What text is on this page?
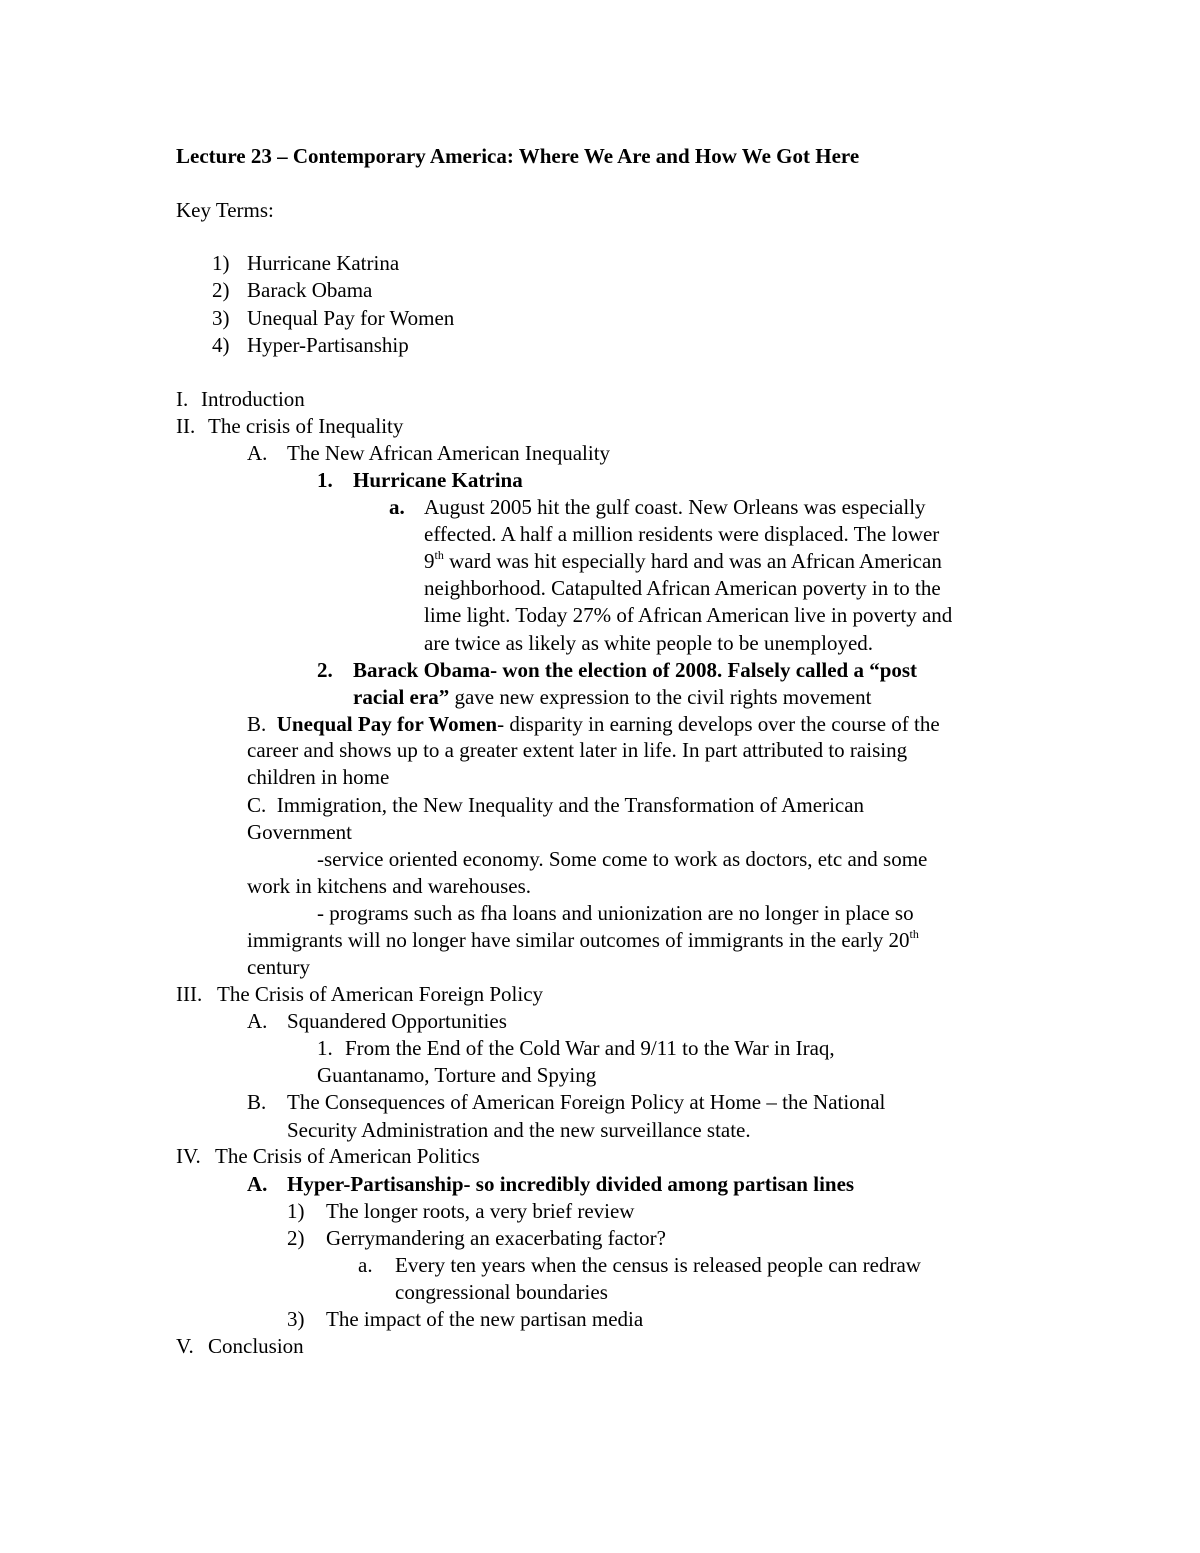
Lecture 23 – Contemporary America: Where We Are and How We Got Here
Key Terms:
1) Hurricane Katrina
2) Barack Obama
3) Unequal Pay for Women
4) Hyper-Partisanship
I. Introduction
II. The crisis of Inequality
A. The New African American Inequality
1. Hurricane Katrina
a. August 2005 hit the gulf coast. New Orleans was especially
effected. A half a million residents were displaced. The lower
9th ward was hit especially hard and was an African American
neighborhood. Catapulted African American poverty in to the
lime light. Today 27% of African American live in poverty and
are twice as likely as white people to be unemployed.
2. Barack Obama- won the election of 2008. Falsely called a “post
racial era” gave new expression to the civil rights movement
B. Unequal Pay for Women- disparity in earning develops over the course of the
career and shows up to a greater extent later in life. In part attributed to raising
children in home
C. Immigration, the New Inequality and the Transformation of American
Government
-service oriented economy. Some come to work as doctors, etc and some
work in kitchens and warehouses.
- programs such as fha loans and unionization are no longer in place so
immigrants will no longer have similar outcomes of immigrants in the early 20th
century
III. The Crisis of American Foreign Policy
A. Squandered Opportunities
1. From the End of the Cold War and 9/11 to the War in Iraq,
Guantanamo, Torture and Spying
B. The Consequences of American Foreign Policy at Home – the National
Security Administration and the new surveillance state.
IV. The Crisis of American Politics
A. Hyper-Partisanship- so incredibly divided among partisan lines
1) The longer roots, a very brief review
2) Gerrymandering an exacerbating factor?
a. Every ten years when the census is released people can redraw
congressional boundaries
3) The impact of the new partisan media
V. Conclusion
